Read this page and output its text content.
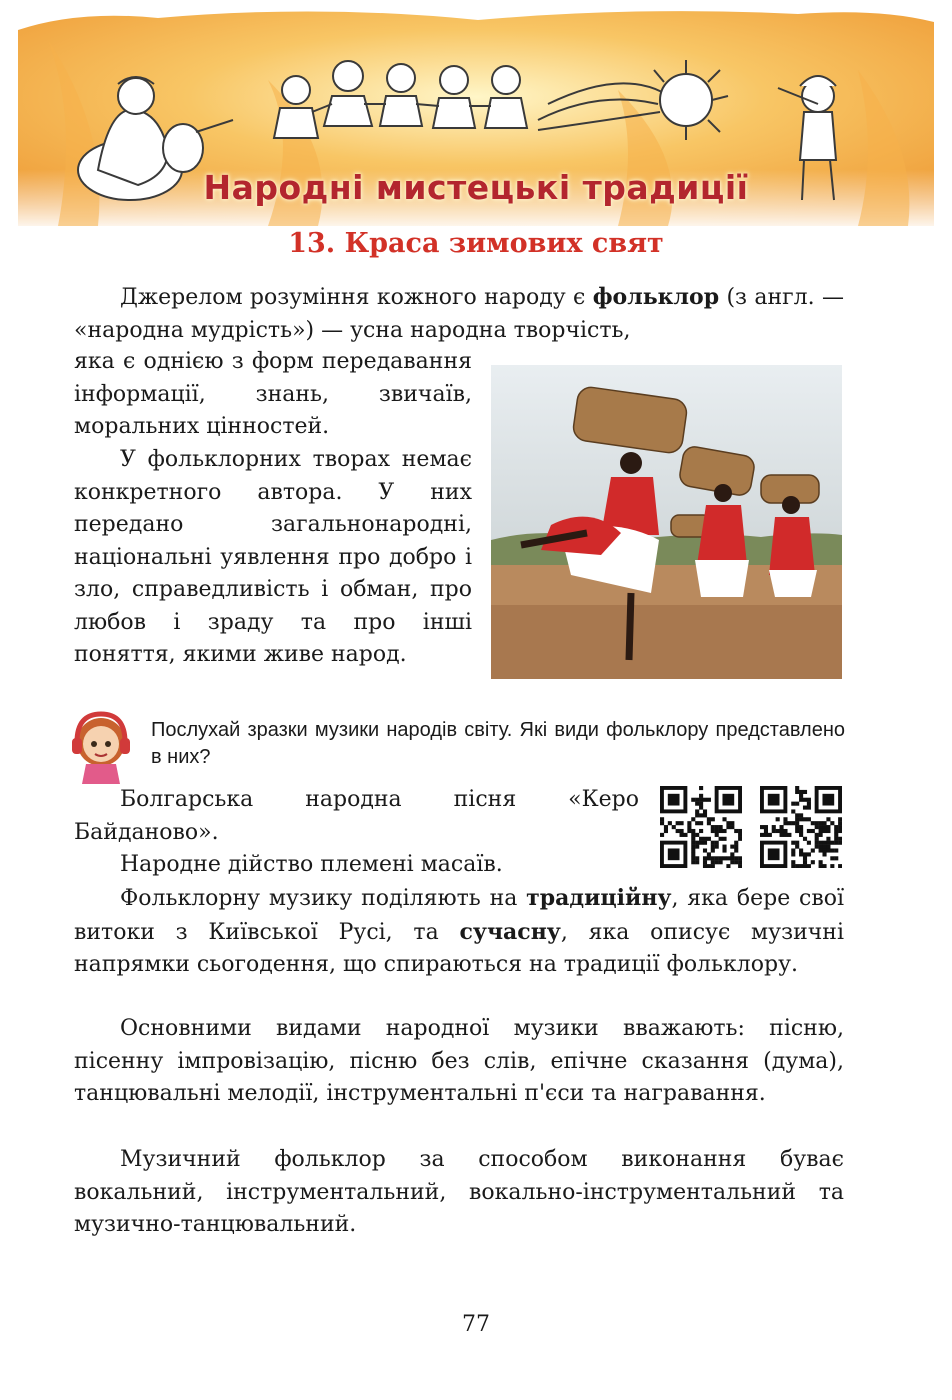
Народні мистецькі традиції
13. Краса зимових свят

Джерелом розуміння кожного народу є фольклор (з англ. — «народна мудрість») — усна народна творчість,

яка є однією з форм передавання інформації, знань, звичаїв, моральних цінностей.

У фольклорних творах немає конкретного автора. У них передано загальнонародні, національні уявлення про добро і зло, справедливість і обман, про любов і зраду та про інші поняття, якими живе народ.

Послухай зразки музики народів світу. Які види фольклору представлено в них?

Болгарська народна пісня «Керо Байданово».

Народне дійство племені масаїв.

Фольклорну музику поділяють на традиційну, яка бере свої витоки з Київської Русі, та сучасну, яка описує музичні напрямки сьогодення, що спираються на традиції фольклору.

Основними видами народної музики вважають: пісню, пісенну імпровізацію, пісню без слів, епічне сказання (дума), танцювальні мелодії, інструментальні п'єси та награвання.

Музичний фольклор за способом виконання буває вокальний, інструментальний, вокально-інструментальний та музично-танцювальний.

77
